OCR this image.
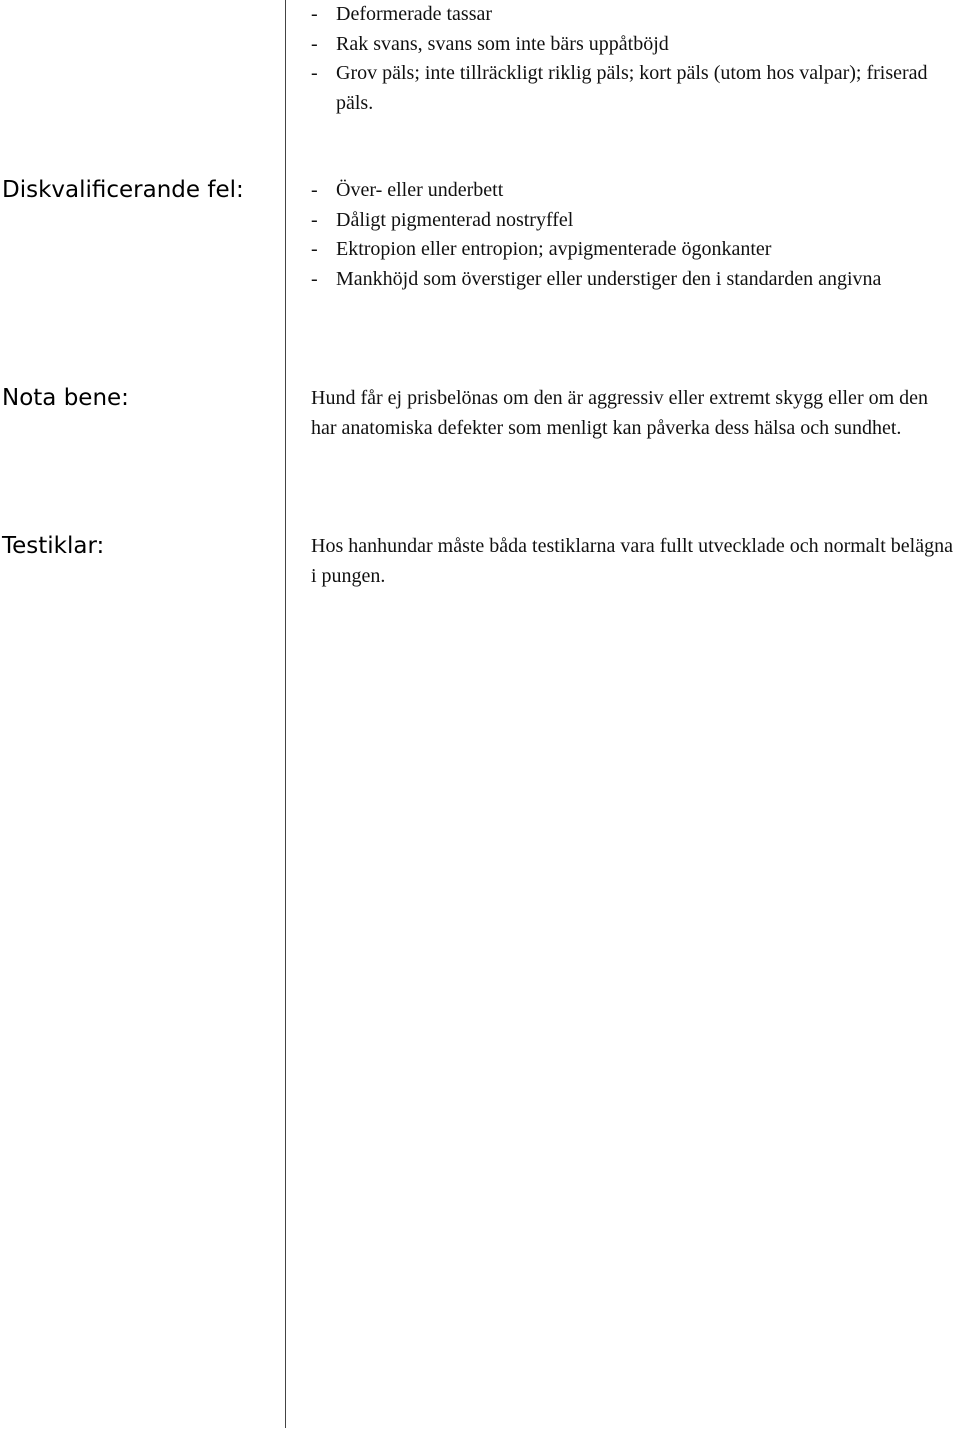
- Deformerade tassar
- Rak svans, svans som inte bärs uppåtböjd
- Grov päls; inte tillräckligt riklig päls; kort päls (utom hos valpar); friserad päls.
Diskvalificerande fel:	- Över- eller underbett
- Dåligt pigmenterad nostryffel
- Ektropion eller entropion; avpigmenterade ögonkanter
- Mankhöjd som överstiger eller understiger den i standarden angivna
Nota bene:	Hund får ej prisbelönas om den är aggressiv eller extremt skygg eller om den har anatomiska defekter som menligt kan påverka dess hälsa och sundhet.

Testiklar:	Hos hanhundar måste båda testiklarna vara fullt utvecklade och normalt belägna i pungen.
